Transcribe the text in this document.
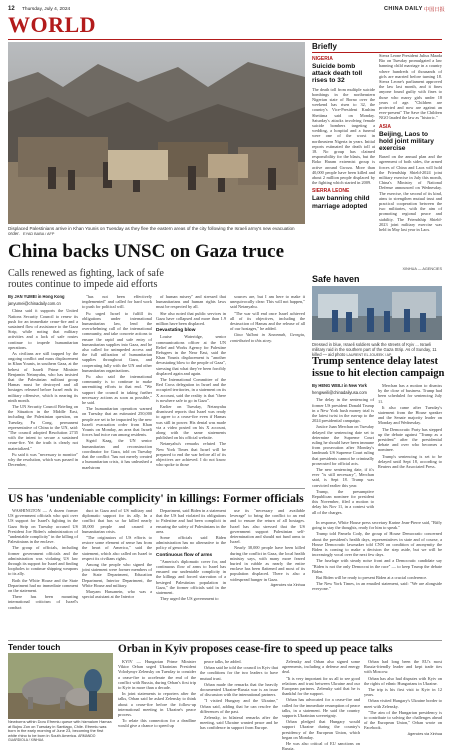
12 Thursday, July 4, 2024	CHINA DAILY 中国日报
WORLD
Displaced Palestinians arrive in Khan Younis on Tuesday as they flee the eastern areas of the city following the Israeli army's new evacuation order. EYAD BABA / AFP
China backs UNSC on Gaza truce
Calls renewed as fighting, lack of safe
routes continue to impede aid efforts
By JAN YUMEI in Hong Kong
janyumei@chinadaily.com.cn

China said it supports the United Nations Security Council to renew its push for an immediate cease-fire and a sustained flow of assistance to the Gaza Strip, while noting that military activities and a lack of safe routes continue to impede humanitarian operations.

As civilians are still trapped by the ongoing conflict and mass displacement in Khan Younis, in southern Gaza, at the behest of Israeli Prime Minister Benjamin Netanyahu, who has insisted that the Palestinian militant group Hamas must be destroyed and all hostages released before Israel ends its military offensive, which is nearing its ninth month.

The UN Security Council Briefing on the Situation in the Middle East, including the Palestinian question, on Tuesday, Fu Cong, permanent representative of China to the UN, said: "The council adopted Resolution 2735 with the intent to secure a sustained cease-fire. Yet the truth is clearly not materialized."

Fu said it was "necessary to monitor" why the resolution, which was passed in December,

"has not been effectively implemented" and called for hard work to push for political will.

Fu urged Israel to fulfill its obligations under international humanitarian law, lend the overwhelming call of the international community, and take concrete actions to ensure the rapid and safe entry of humanitarian supplies into Gaza, and he also called for unimpeded access and the full utilization of humanitarian supplies throughout Gaza, and cooperating fully with the UN and other humanitarian organizations.

Fu also said the international community is to continue to make unremitting efforts to that end. "We support the council in taking further necessary actions as soon as possible," he said.

The humanitarian operation warned on Tuesday that an estimated 250,000 people are set to be impacted by the new Israeli evacuation order from Khan Younis on Monday, an area that Israeli forces had twice run among residents.

Sigrid Kaag, the UN senior humanitarian and reconstruction coordinator for Gaza, told on Tuesday that the conflict "has not merely created a humanitarian crisis, it has unleashed a maelstrom

of human misery" and stressed that humanitarians and human rights laws must be respected by all.

She also noted that public services in Gaza have collapsed and more than 1.9 million have been displaced.

Devastating blow

Louise Wateridge, senior communications officer at the UN Relief and Works Agency for Palestine Refugees in the Near East, said the Khan Younis displacement is "another devastating blow to the people of Gaza", stressing that what they've been forcibly displaced again and again.

The International Committee of the Red Cross delegation in Israel and the occupied territories, in a statement on its X account, said the reality is that "there is nowhere safe to go in Gaza".

Earlier on Tuesday, Netanyahu dismissed reports that Israel was ready to agree to a cease-fire even if Hamas was still in power. His denial was made via a video posted on his X account, along with the same statements published on his official website.

Netanyahu's remarks refuted The New York Times that Israel will be prepared to end the war before all of its objectives are achieved. I do not know who spoke to those

sources are, but I am here to make it unequivocally clear: This will not happen," said Netanyahu.

"The war will end once Israel achieved all of its objectives, including the destruction of Hamas and the release of all of our hostages," he added.

Gina Vallant in Savannah, Georgia, contributed to this story.

Briefly
NIGERIA
Suicide bomb attack death toll rises to 32

The death toll from multiple suicide bombings in the northeastern Nigerian state of Borno over the weekend has risen to 32, the country's Vice-President Kashim Shettima said on Monday. Saturday's attacks involving female suicide bombers targeting a wedding, a hospital and a funeral were one of the worst in northeastern Nigeria in years. Initial reports estimated the death toll at 18. No group has claimed responsibility for the blasts, but the Boko Haram extremist group is active around Gwoza. More than 40,000 people have been killed and about 2 million people displaced by the fighting which started in 2009.

SIERRA LEONE
Law banning child marriage adopted

Sierra Leone President Julius Maada Bio on Tuesday promulgated a law banning child marriage in a country where hundreds of thousands of girls are married before turning 18. Sierra Leone's parliament approved the law last month, and it fines anyone found guilty with fines to those who marry girls under 18 years of age. "Children are protected and now are against an ever-present" The Save the Children NGO lauded the law as "historic."

ASIA
Beijing, Laos to hold joint military exercise

Based on the annual plan and the agreement of both sides, the armed forces of China and Laos will hold the Friendship Shield-2024 joint military exercise in July this month, China's Ministry of National Defense announced on Wednesday. The exercise, the second of its kind, aims to strengthen mutual trust and practical cooperation between the two militaries, with the aim of promoting regional peace and stability. The Friendship Shield-2023 joint military exercise was held in May last year in Laos.

XINHUA — AGENCIES
Safe haven
Dressed in blue, Israeli soldiers walk the streets of Kyiv ... Israeli military raid in the southern part of the Gaza Strip. As of Sunday, 11 killed — aid photo LAURENT EL JOUEEK / AP
Trump sentence delay latest
issue to hit election campaign
By HENG WEILI in New York
hengweili@chinadailyusa.com

The delay in the sentencing of former US president Donald Trump in a New York hush money trial is the latest twist in the run-up to the 2024 presidential campaign.

Justice Juan Merchan on Tuesday delayed the sentencing date set to determine the Supreme Court ruling he should have been immune from prosecution after Monday's landmark US Supreme Court ruling that presidents cannot be criminally prosecuted for official acts.

The new sentencing date, if it's ever "is still necessary", Merchan said, is Sept 18. Trump was convicted earlier this year.

Trump, the presumptive Republican nominee for president this November, filed a motion to delay his Nov 11, in a contest with all of the charges.

Merchan has a motion to dismiss by the close of business. Trump had been scheduled for sentencing July 11.

It also came after Tuesday's statement from the House speaker and the Senate majority leader on Monday and Wednesday.

The Democratic Party has stepped up the debate against "Trump as a president" after the presidential debate and over who becomes a nominee.

Trump's sentencing is set to be delayed until Sept 18, according to Reuters and the Associated Press.

US has 'undeniable complicity' in killings: Former officials

WASHINGTON — A dozen former US government officials who quit over US support for Israel's fighting in the Gaza Strip on Tuesday accused US President Joe Biden's administration of "undeniable complicity" in the killing of Palestinians in the enclave.

The group of officials, including former government officials and the administration was violating US law through its support for Israel and finding loopholes to continue shipping weapons to its ally.

Both the White House and the State Department had no immediate comment on the statement.

There has been mounting international criticism of Israel's conduct

duct in Gaza and of US military and diplomatic support for its ally. In a conflict that has so far killed nearly 38,000 people and caused a humanitarian crisis.

"The originators of US efforts to restore some element of sense has from the heart of America," said the statement, which also called on Israel to respect its civilians rights.

Among the people who signed the joint statement were former members of the State Department, Education Department, Interior Department, the White House and military.

Maryam Hassanein, who was a special assistant at the Interior

Department, said Biden in a statement that the US had violated its obligations to Palestine and had been complicit in ensuring the safety of Palestinians in the area.

Some officials said Biden administration has no alternative to the policy of genocide.

Continuous flow of arms

"America's diplomatic cover for, and continuous flow of arms to Israel has ensured our undeniable complicity in the killings and forced starvation of a besieged Palestinian population in Gaza," the former officials said in the statement.

They urged the US government to

use its "necessary and available leverage" to bring the conflict to an end and to ensure the return of all hostages. Israel has also stressed that the US government support Palestinian self-determination and should not fund arms to Israel.

Nearly 38,000 people have been killed during the conflict in Gaza, the local health ministry says, with many more feared buried in rubble as nearly the entire enclave has been flattened and most of its population displaced. There is also a widespread hunger in Gaza.

Agencies via Xinhua

In response, White House press secretary Karine Jean-Pierre said, "Biffy going to stay the thoughts, ready for him to speak."

Trump told Pamela Cody, the group of House Democratic concerned about the president's health days, representatives in state and of course, a House Democratic lawmaker told CNN on condition of anonymity the Biden is coming to make a decision the step aside, but we will be increasingly vocal over the next few days.

The fuselage with steady noise front and a Democratic candidate say "Biden is not the only Democrat in the race" — to keep Trump the debate Biden.

But Biden will be ready to present Biden at a crucial conference.

The New York Times, in an emailed statement, said: "We are alongside everyone."

Tender touch
Newborns within Doru Efremiu queue with hizmalom Hamza at Bujnu Zon on Tuesday in Santiago, Chile. Efremiu was born in the early morning of June 23, becoming the first white rhino to be born in South America. ARMANDO GUARDIOLA / XINHUA
Orban in Kyiv proposes cease-fire to speed up peace talks

KYIV — Hungarian Prime Minister Viktor Orban urged Ukrainian President Volodymyr Zelensky on Tuesday to consider a cease-fire to accelerate the end of the conflict with Russia, during Orban's first trip to Kyiv in more than a decade.

In joint statements to reporters after the talks, Orban said he asked Zelensky to think about a cease-fire before the follow-up international meeting in Ukraine's peace process.

To relate this connection for a deadline would give a chance to speed up

peace talks, he added.

Orban said he told the council in Kyiv that the conditions for the two leaders to have mutual trust.

Orban made the remarks that the heavily documented Ukraine-Russia war is an issue of discussion with the international partners.

"I visited Hungary and the Ukraine," Orban said, adding that he can resolve the differences of the past.

Zelensky, in bilateral remarks after the meeting, said Ukraine wanted peace and he has confidence in support from Europe.

Zelensky and Orban also signed some agreements, including a defense and energy deal.

"It is very important for us all to see good relations and trust between Ukraine and our European partners. Zelensky said that he is thankful for the support.

Orban has advocated for a cease-fire and called for the immediate resumption of peace talks, in a statement. He said the country supports Ukrainian sovereignty.

Orban pledged that Hungary would support Ukraine during the country's presidency of the European Union, which began on Monday.

He was also critical of EU sanctions on Russia.

Orban had long been the EU's most Russia-friendly leader and kept trade ties with Moscow.

Orban has also had disputes with Kyiv on the rights of ethnic Hungarians in Ukraine.

The trip is his first visit to Kyiv in 12 years.

Orban visited Hungary's Ukraine border to meet with Zelensky.

"The aim of the Hungarian presidency is to contribute to solving the challenges ahead of the European Union," Orban wrote on Facebook.

Agencies via Xinhua
